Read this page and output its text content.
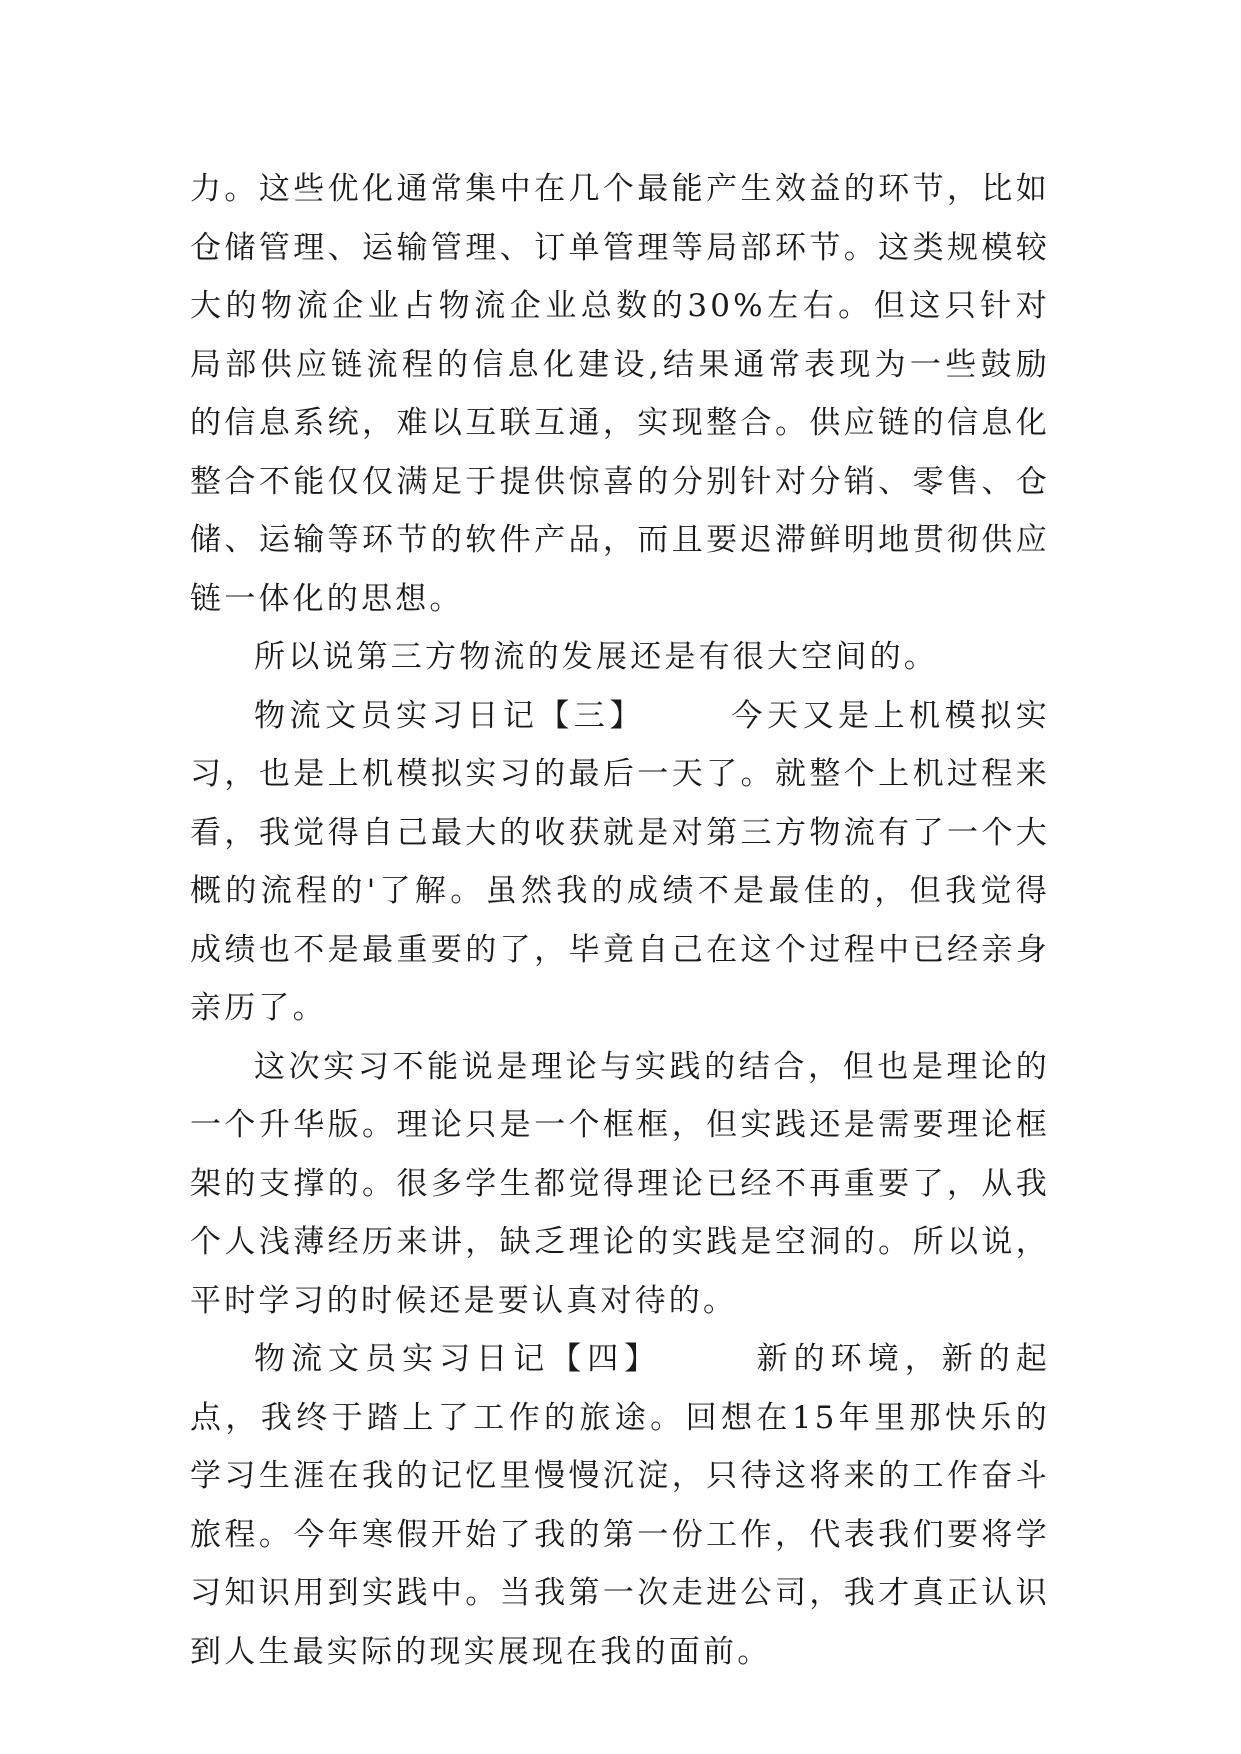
力。这些优化通常集中在几个最能产生效益的环节，比如仓储管理、运输管理、订单管理等局部环节。这类规模较大的物流企业占物流企业总数的30%左右。但这只针对局部供应链流程的信息化建设,结果通常表现为一些鼓励的信息系统，难以互联互通，实现整合。供应链的信息化整合不能仅仅满足于提供惊喜的分别针对分销、零售、仓储、运输等环节的软件产品，而且要迟滞鲜明地贯彻供应链一体化的思想。

所以说第三方物流的发展还是有很大空间的。

物流文员实习日记【三】	今天又是上机模拟实习，也是上机模拟实习的最后一天了。就整个上机过程来看，我觉得自己最大的收获就是对第三方物流有了一个大概的流程的'了解。虽然我的成绩不是最佳的，但我觉得成绩也不是最重要的了，毕竟自己在这个过程中已经亲身亲历了。

这次实习不能说是理论与实践的结合，但也是理论的一个升华版。理论只是一个框框，但实践还是需要理论框架的支撑的。很多学生都觉得理论已经不再重要了，从我个人浅薄经历来讲，缺乏理论的实践是空洞的。所以说，平时学习的时候还是要认真对待的。

物流文员实习日记【四】	新的环境，新的起点，我终于踏上了工作的旅途。回想在15年里那快乐的学习生涯在我的记忆里慢慢沉淀，只待这将来的工作奋斗旅程。今年寒假开始了我的第一份工作，代表我们要将学习知识用到实践中。当我第一次走进公司，我才真正认识到人生最实际的现实展现在我的面前。
